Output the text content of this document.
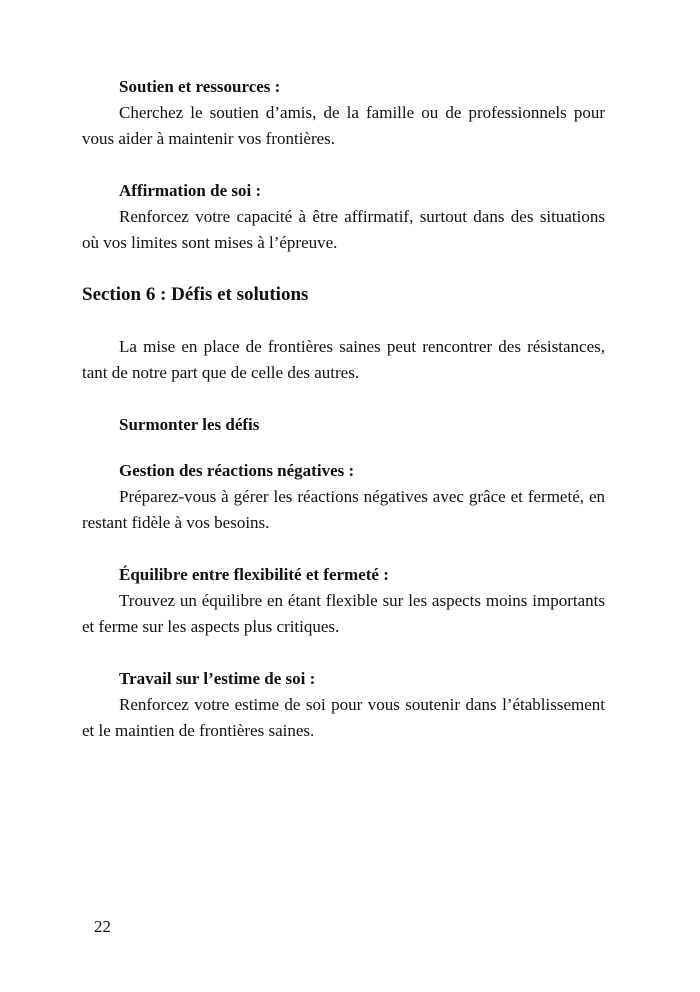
Soutien et ressources :

Cherchez le soutien d’amis, de la famille ou de professionnels pour vous aider à maintenir vos frontières.

Affirmation de soi :

Renforcez votre capacité à être affirmatif, surtout dans des situations où vos limites sont mises à l’épreuve.

Section 6 : Défis et solutions

La mise en place de frontières saines peut rencontrer des résistances, tant de notre part que de celle des autres.

Surmonter les défis

Gestion des réactions négatives :

Préparez-vous à gérer les réactions négatives avec grâce et fermeté, en restant fidèle à vos besoins.

Équilibre entre flexibilité et fermeté :

Trouvez un équilibre en étant flexible sur les aspects moins importants et ferme sur les aspects plus critiques.

Travail sur l’estime de soi :

Renforcez votre estime de soi pour vous soutenir dans l’établissement et le maintien de frontières saines.

22
